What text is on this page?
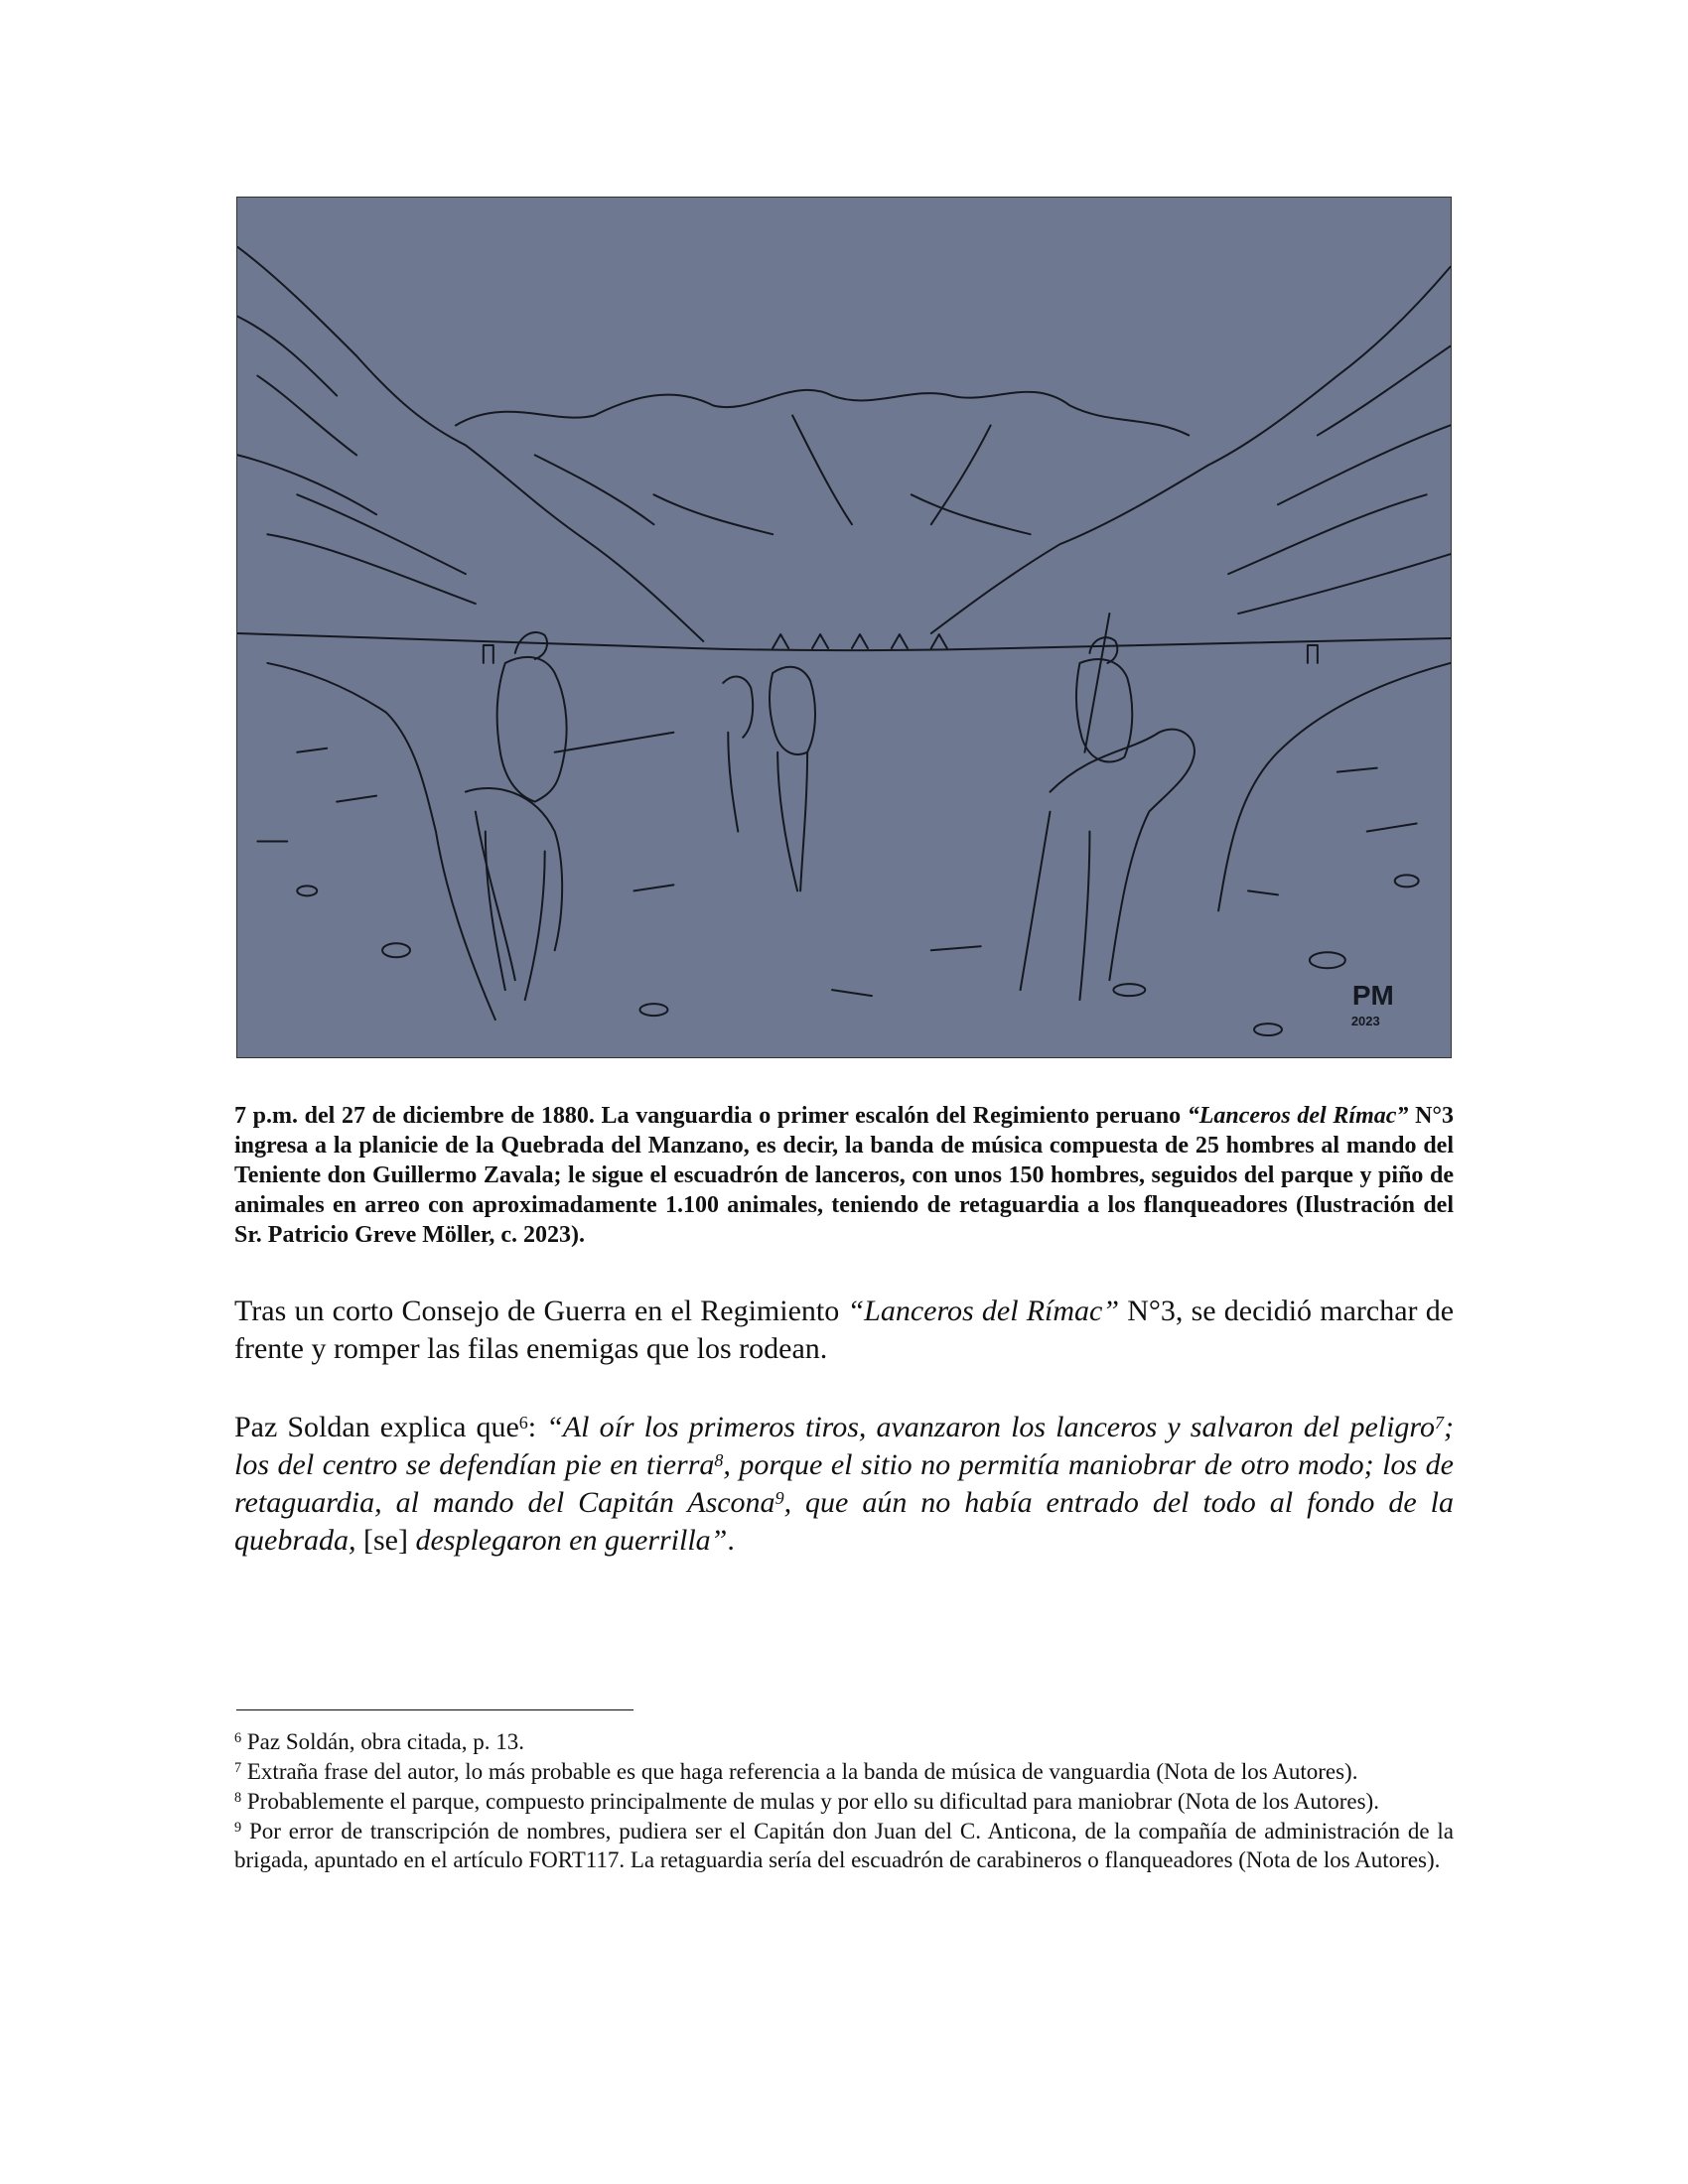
PM
2023

7 p.m. del 27 de diciembre de 1880. La vanguardia o primer escalón del Regimiento peruano “Lanceros del Rímac” N°3 ingresa a la planicie de la Quebrada del Manzano, es decir, la banda de música compuesta de 25 hombres al mando del Teniente don Guillermo Zavala; le sigue el escuadrón de lanceros, con unos 150 hombres, seguidos del parque y piño de animales en arreo con aproximadamente 1.100 animales, teniendo de retaguardia a los flanqueadores (Ilustración del Sr. Patricio Greve Möller, c. 2023).

Tras un corto Consejo de Guerra en el Regimiento “Lanceros del Rímac” N°3, se decidió marchar de frente y romper las filas enemigas que los rodean.

Paz Soldan explica que$^6$: “Al oír los primeros tiros, avanzaron los lanceros y salvaron del peligro$^7$; los del centro se defendían pie en tierra$^8$, porque el sitio no permitía maniobrar de otro modo; los de retaguardia, al mando del Capitán Ascona$^9$, que aún no había entrado del todo al fondo de la quebrada, [se] desplegaron en guerrilla”.

$^6$ Paz Soldán, obra citada, p. 13.

$^7$ Extraña frase del autor, lo más probable es que haga referencia a la banda de música de vanguardia (Nota de los Autores).

$^8$ Probablemente el parque, compuesto principalmente de mulas y por ello su dificultad para maniobrar (Nota de los Autores).

$^9$ Por error de transcripción de nombres, pudiera ser el Capitán don Juan del C. Anticona, de la compañía de administración de la brigada, apuntado en el artículo FORT117. La retaguardia sería del escuadrón de carabineros o flanqueadores (Nota de los Autores).
